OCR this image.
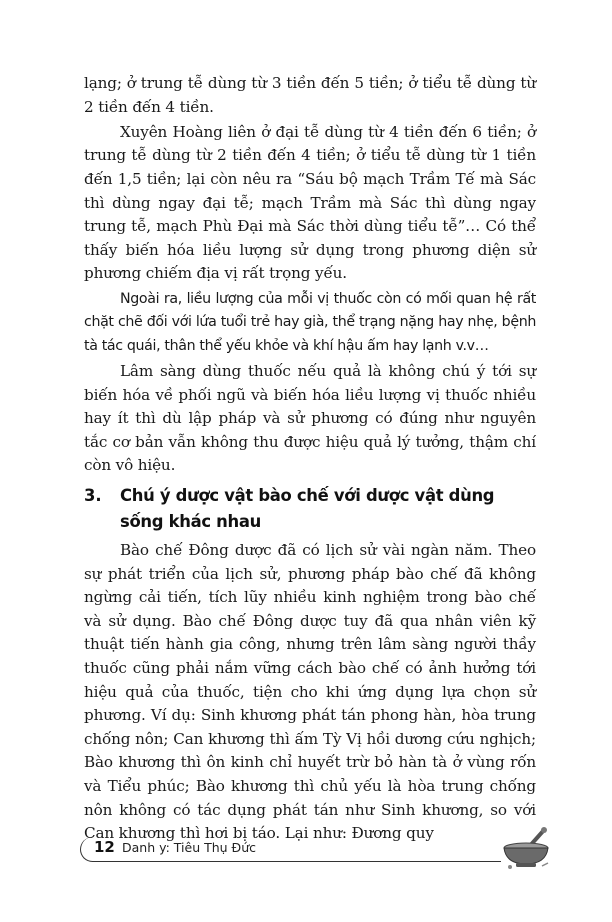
lạng; ở trung tễ dùng từ 3 tiền đến 5 tiền; ở tiểu tễ dùng từ 2 tiền đến 4 tiền.

Xuyên Hoàng liên ở đại tễ dùng từ 4 tiền đến 6 tiền; ở trung tễ dùng từ 2 tiền đến 4 tiền; ở tiểu tễ dùng từ 1 tiền đến 1,5 tiền; lại còn nêu ra “Sáu bộ mạch Trầm Tế mà Sác thì dùng ngay đại tễ; mạch Trầm mà Sác thì dùng ngay trung tễ, mạch Phù Đại mà Sác thời dùng tiểu tễ”… Có thể thấy biến hóa liều lượng sử dụng trong phương diện sử phương chiếm địa vị rất trọng yếu.

Ngoài ra, liều lượng của mỗi vị thuốc còn có mối quan hệ rất chặt chẽ đối với lứa tuổi trẻ hay già, thể trạng nặng hay nhẹ, bệnh tà tác quái, thân thể yếu khỏe và khí hậu ấm hay lạnh v.v…

Lâm sàng dùng thuốc nếu quả là không chú ý tới sự biến hóa về phối ngũ và biến hóa liều lượng vị thuốc nhiều hay ít thì dù lập pháp và sử phương có đúng như nguyên tắc cơ bản vẫn không thu được hiệu quả lý tưởng, thậm chí còn vô hiệu.

3.	Chú ý dược vật bào chế với dược vật dùng sống khác nhau

Bào chế Đông dược đã có lịch sử vài ngàn năm. Theo sự phát triển của lịch sử, phương pháp bào chế đã không ngừng cải tiến, tích lũy nhiều kinh nghiệm trong bào chế và sử dụng. Bào chế Đông dược tuy đã qua nhân viên kỹ thuật tiến hành gia công, nhưng trên lâm sàng người thầy thuốc cũng phải nắm vững cách bào chế có ảnh hưởng tới hiệu quả của thuốc, tiện cho khi ứng dụng lựa chọn sử phương. Ví dụ: Sinh khương phát tán phong hàn, hòa trung chống nôn; Can khương thì ấm Tỳ Vị hồi dương cứu nghịch; Bào khương thì ôn kinh chỉ huyết trừ bỏ hàn tà ở vùng rốn và Tiểu phúc; Bào khương thì chủ yếu là hòa trung chống nôn không có tác dụng phát tán như Sinh khương, so với Can khương thì hơi bị táo. Lại như: Đương quy

12 Danh y: Tiêu Thụ Đức
